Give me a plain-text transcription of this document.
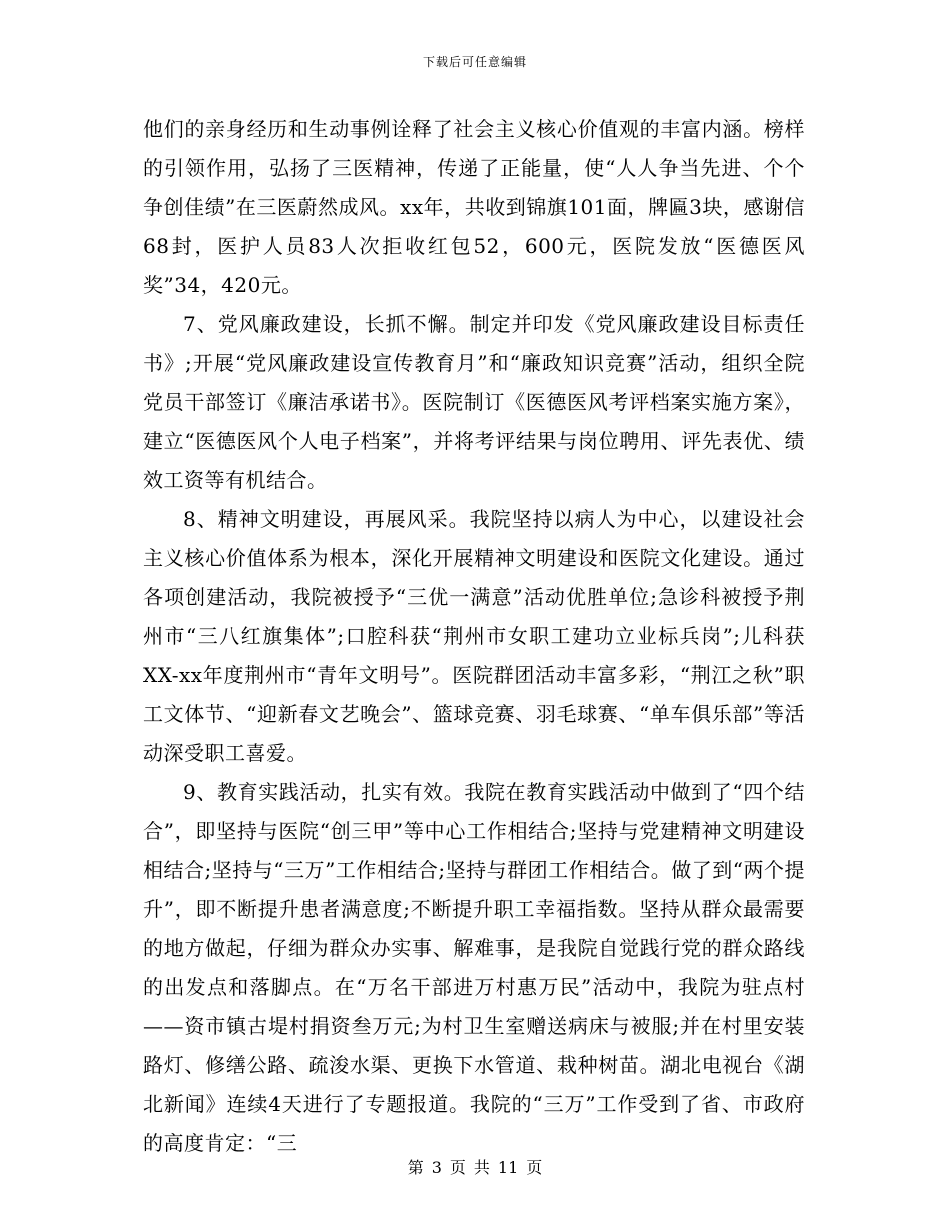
下载后可任意编辑

他们的亲身经历和生动事例诠释了社会主义核心价值观的丰富内涵。榜样的引领作用，弘扬了三医精神，传递了正能量，使“人人争当先进、个个争创佳绩”在三医蔚然成风。xx年，共收到锦旗101面，牌匾3块，感谢信68封，医护人员83人次拒收红包52，600元，医院发放“医德医风奖”34，420元。

7、党风廉政建设，长抓不懈。制定并印发《党风廉政建设目标责任书》;开展“党风廉政建设宣传教育月”和“廉政知识竞赛”活动，组织全院党员干部签订《廉洁承诺书》。医院制订《医德医风考评档案实施方案》，建立“医德医风个人电子档案”，并将考评结果与岗位聘用、评先表优、绩效工资等有机结合。

8、精神文明建设，再展风采。我院坚持以病人为中心，以建设社会主义核心价值体系为根本，深化开展精神文明建设和医院文化建设。通过各项创建活动，我院被授予“三优一满意”活动优胜单位;急诊科被授予荆州市“三八红旗集体”;口腔科获“荆州市女职工建功立业标兵岗”;儿科获XX-xx年度荆州市“青年文明号”。医院群团活动丰富多彩，“荆江之秋”职工文体节、“迎新春文艺晚会”、篮球竞赛、羽毛球赛、“单车俱乐部”等活动深受职工喜爱。

9、教育实践活动，扎实有效。我院在教育实践活动中做到了“四个结合”，即坚持与医院“创三甲”等中心工作相结合;坚持与党建精神文明建设相结合;坚持与“三万”工作相结合;坚持与群团工作相结合。做了到“两个提升”，即不断提升患者满意度;不断提升职工幸福指数。坚持从群众最需要的地方做起，仔细为群众办实事、解难事，是我院自觉践行党的群众路线的出发点和落脚点。在“万名干部进万村惠万民”活动中，我院为驻点村——资市镇古堤村捐资叁万元;为村卫生室赠送病床与被服;并在村里安装路灯、修缮公路、疏浚水渠、更换下水管道、栽种树苗。湖北电视台《湖北新闻》连续4天进行了专题报道。我院的“三万”工作受到了省、市政府的高度肯定：“三

第 3 页 共 11 页
